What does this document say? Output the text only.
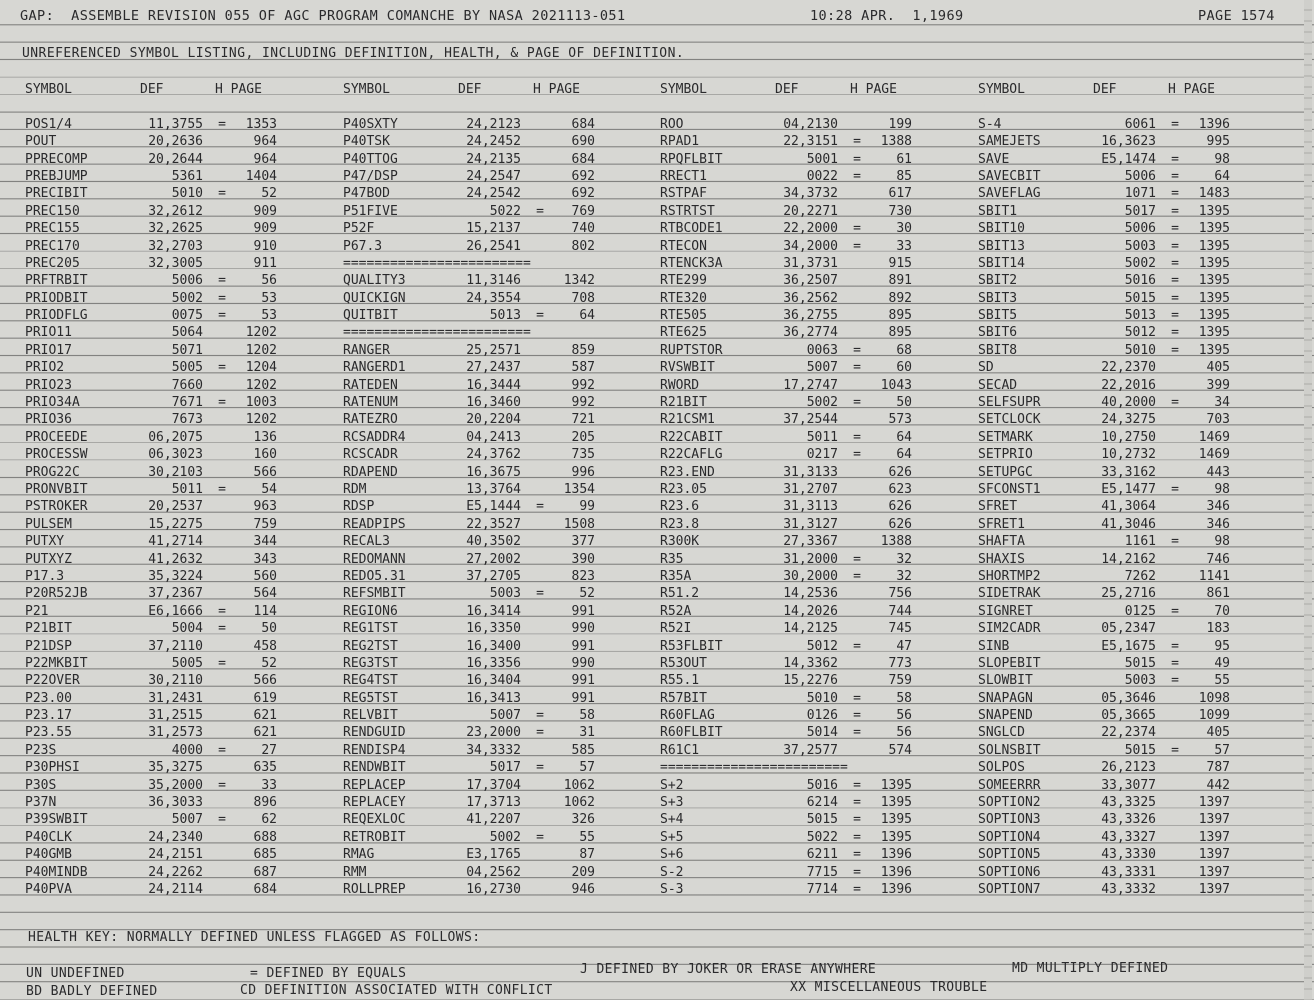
GAP:  ASSEMBLE REVISION 055 OF AGC PROGRAM COMANCHE BY NASA 2021113-051	10:28 APR.  1,1969	PAGE 1574
UNREFERENCED SYMBOL LISTING, INCLUDING DEFINITION, HEALTH, & PAGE OF DEFINITION.
SYMBOL	DEF	H PAGE
POS1/4	11,3755 =	1353
POUT	20,2636	964
PPRECOMP	20,2644	964
PREBJUMP	5361	1404
PRECIBIT	5010 =	52
PREC150	32,2612	909
PREC155	32,2625	909
PREC170	32,2703	910
PREC205	32,3005	911
PRFTRBIT	5006 =	56
PRIODBIT	5002 =	53
PRIODFLG	0075 =	53
PRIO11	5064	1202
PRIO17	5071	1202
PRIO2	5005 =	1204
PRIO23	7660	1202
PRIO34A	7671 =	1003
PRIO36	7673	1202
PROCEEDE	06,2075	136
PROCESSW	06,3023	160
PROG22C	30,2103	566
PRONVBIT	5011 =	54
PSTROKER	20,2537	963
PULSEM	15,2275	759
PUTXY	41,2714	344
PUTXYZ	41,2632	343
P17.3	35,3224	560
P20R52JB	37,2367	564
P21	E6,1666 =	114
P21BIT	5004 =	50
P21DSP	37,2110	458
P22MKBIT	5005 =	52
P22OVER	30,2110	566
P23.00	31,2431	619
P23.17	31,2515	621
P23.55	31,2573	621
P23S	4000 =	27
P30PHSI	35,3275	635
P30S	35,2000 =	33
P37N	36,3033	896
P39SWBIT	5007 =	62
P40CLK	24,2340	688
P40GMB	24,2151	685
P40MINDB	24,2262	687
P40PVA	24,2114	684
SYMBOL	DEF	H PAGE
P40SXTY	24,2123	684
P40TSK	24,2452	690
P40TTOG	24,2135	684
P47/DSP	24,2547	692
P47BOD	24,2542	692
P51FIVE	5022 =	769
P52F	15,2137	740
P67.3	26,2541	802
========================
QUALITY3	11,3146	1342
QUICKIGN	24,3554	708
QUITBIT	5013 =	64
========================
RANGER	25,2571	859
RANGERD1	27,2437	587
RATEDEN	16,3444	992
RATENUM	16,3460	992
RATEZRO	20,2204	721
RCSADDR4	04,2413	205
RCSCADR	24,3762	735
RDAPEND	16,3675	996
RDM	13,3764	1354
RDSP	E5,1444 =	99
READPIPS	22,3527	1508
RECAL3	40,3502	377
REDOMANN	27,2002	390
REDO5.31	37,2705	823
REFSMBIT	5003 =	52
REGION6	16,3414	991
REG1TST	16,3350	990
REG2TST	16,3400	991
REG3TST	16,3356	990
REG4TST	16,3404	991
REG5TST	16,3413	991
RELVBIT	5007 =	58
RENDGUID	23,2000 =	31
RENDISP4	34,3332	585
RENDWBIT	5017 =	57
REPLACEP	17,3704	1062
REPLACEY	17,3713	1062
REQEXLOC	41,2207	326
RETROBIT	5002 =	55
RMAG	E3,1765	87
RMM	04,2562	209
ROLLPREP	16,2730	946
SYMBOL	DEF	H PAGE
ROO	04,2130	199
RPAD1	22,3151 =	1388
RPQFLBIT	5001 =	61
RRECT1	0022 =	85
RSTPAF	34,3732	617
RSTRTST	20,2271	730
RTBCODE1	22,2000 =	30
RTECON	34,2000 =	33
RTENCK3A	31,3731	915
RTE299	36,2507	891
RTE320	36,2562	892
RTE505	36,2755	895
RTE625	36,2774	895
RUPTSTOR	0063 =	68
RVSWBIT	5007 =	60
RWORD	17,2747	1043
R21BIT	5002 =	50
R21CSM1	37,2544	573
R22CABIT	5011 =	64
R22CAFLG	0217 =	64
R23.END	31,3133	626
R23.05	31,2707	623
R23.6	31,3113	626
R23.8	31,3127	626
R300K	27,3367	1388
R35	31,2000 =	32
R35A	30,2000 =	32
R51.2	14,2536	756
R52A	14,2026	744
R52I	14,2125	745
R53FLBIT	5012 =	47
R53OUT	14,3362	773
R55.1	15,2276	759
R57BIT	5010 =	58
R60FLAG	0126 =	56
R60FLBIT	5014 =	56
R61C1	37,2577	574
========================
S+2	5016 =	1395
S+3	6214 =	1395
S+4	5015 =	1395
S+5	5022 =	1395
S+6	6211 =	1396
S-2	7715 =	1396
S-3	7714 =	1396
SYMBOL	DEF	H PAGE
S-4	6061 =	1396
SAMEJETS	16,3623	995
SAVE	E5,1474 =	98
SAVECBIT	5006 =	64
SAVEFLAG	1071 =	1483
SBIT1	5017 =	1395
SBIT10	5006 =	1395
SBIT13	5003 =	1395
SBIT14	5002 =	1395
SBIT2	5016 =	1395
SBIT3	5015 =	1395
SBIT5	5013 =	1395
SBIT6	5012 =	1395
SBIT8	5010 =	1395
SD	22,2370	405
SECAD	22,2016	399
SELFSUPR	40,2000 =	34
SETCLOCK	24,3275	703
SETMARK	10,2750	1469
SETPRIO	10,2732	1469
SETUPGC	33,3162	443
SFCONST1	E5,1477 =	98
SFRET	41,3064	346
SFRET1	41,3046	346
SHAFTA	1161 =	98
SHAXIS	14,2162	746
SHORTMP2	7262	1141
SIDETRAK	25,2716	861
SIGNRET	0125 =	70
SIM2CADR	05,2347	183
SINB	E5,1675 =	95
SLOPEBIT	5015 =	49
SLOWBIT	5003 =	55
SNAPAGN	05,3646	1098
SNAPEND	05,3665	1099
SNGLCD	22,2374	405
SOLNSBIT	5015 =	57
SOLPOS	26,2123	787
SOMEERRR	33,3077	442
SOPTION2	43,3325	1397
SOPTION3	43,3326	1397
SOPTION4	43,3327	1397
SOPTION5	43,3330	1397
SOPTION6	43,3331	1397
SOPTION7	43,3332	1397
HEALTH KEY: NORMALLY DEFINED UNLESS FLAGGED AS FOLLOWS:
UN UNDEFINED	= DEFINED BY EQUALS	J DEFINED BY JOKER OR ERASE ANYWHERE	MD MULTIPLY DEFINED
BD BADLY DEFINED	CD DEFINITION ASSOCIATED WITH CONFLICT	XX MISCELLANEOUS TROUBLE
